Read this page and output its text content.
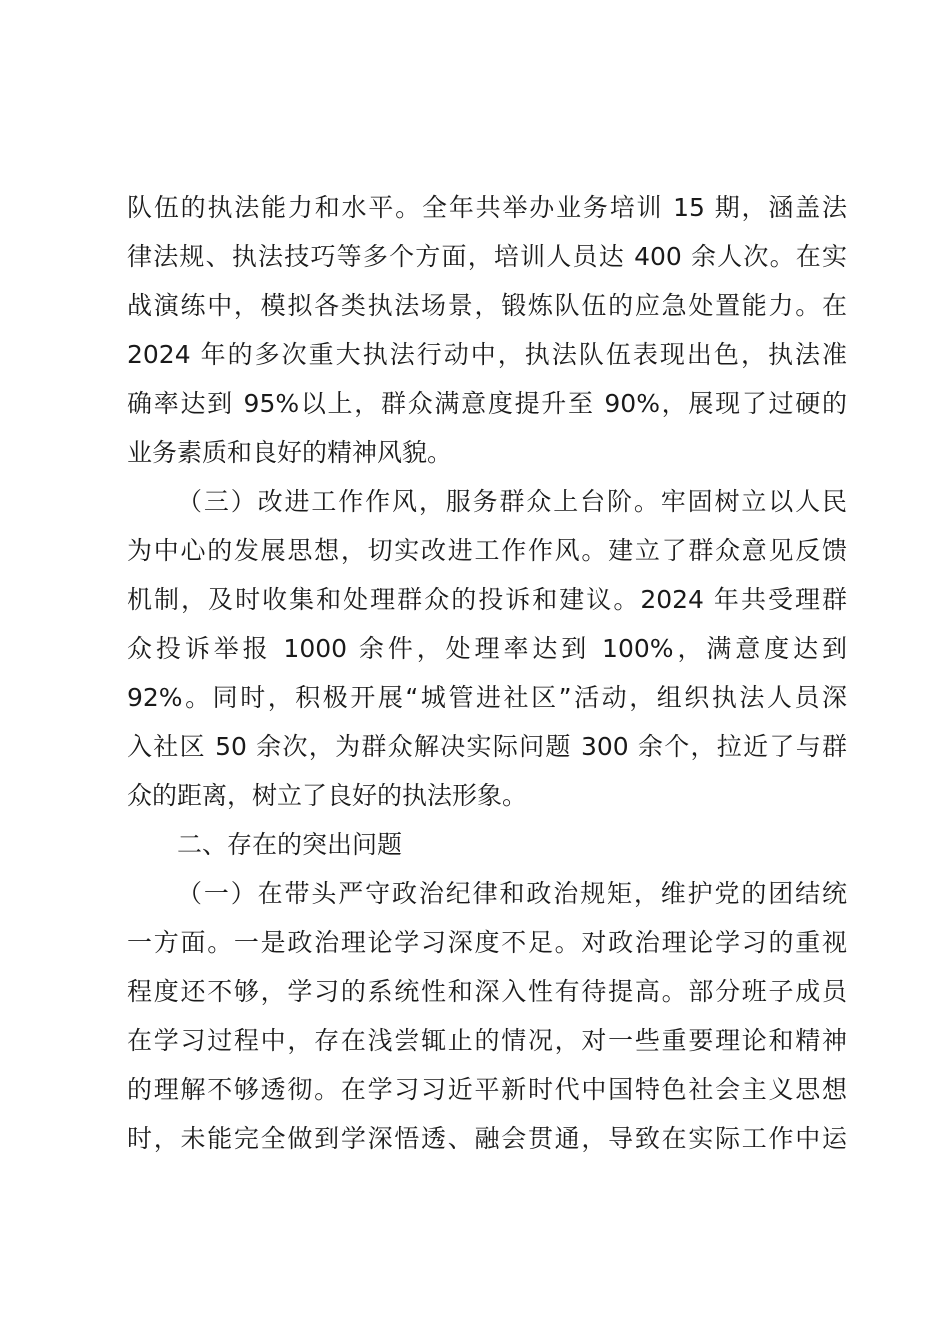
队伍的执法能力和水平。全年共举办业务培训 15 期，涵盖法
律法规、执法技巧等多个方面，培训人员达 400 余人次。在实
战演练中，模拟各类执法场景，锻炼队伍的应急处置能力。在
2024 年的多次重大执法行动中，执法队伍表现出色，执法准
确率达到 95%以上，群众满意度提升至 90%，展现了过硬的
业务素质和良好的精神风貌。
（三）改进工作作风，服务群众上台阶。牢固树立以人民
为中心的发展思想，切实改进工作作风。建立了群众意见反馈
机制，及时收集和处理群众的投诉和建议。2024 年共受理群
众投诉举报 1000 余件，处理率达到 100%，满意度达到
92%。同时，积极开展“城管进社区”活动，组织执法人员深
入社区 50 余次，为群众解决实际问题 300 余个，拉近了与群
众的距离，树立了良好的执法形象。
二、存在的突出问题
（一）在带头严守政治纪律和政治规矩，维护党的团结统
一方面。一是政治理论学习深度不足。对政治理论学习的重视
程度还不够，学习的系统性和深入性有待提高。部分班子成员
在学习过程中，存在浅尝辄止的情况，对一些重要理论和精神
的理解不够透彻。在学习习近平新时代中国特色社会主义思想
时，未能完全做到学深悟透、融会贯通，导致在实际工作中运
